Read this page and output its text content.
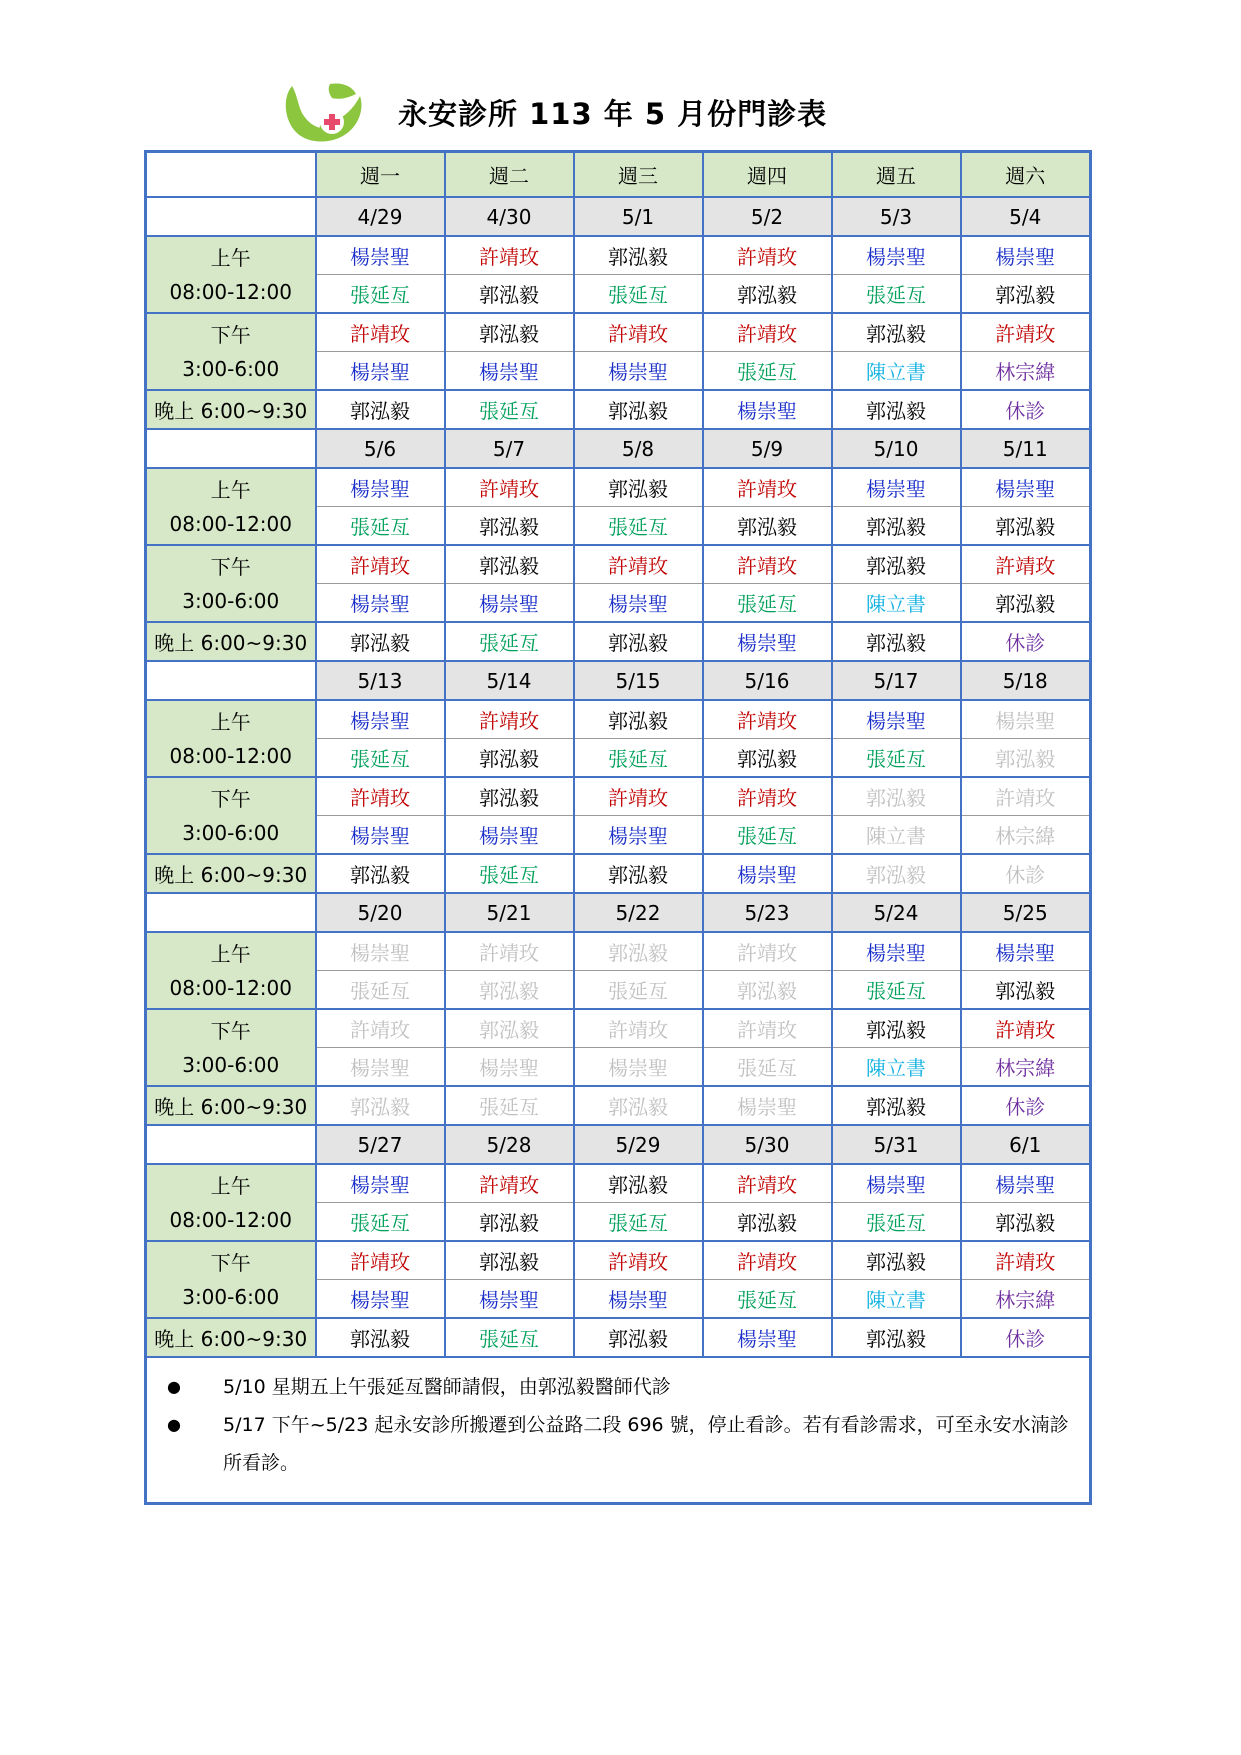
永安診所 113 年 5 月份門診表
	週一	週二	週三	週四	週五	週六
	4/29	4/30	5/1	5/2	5/3	5/4

上午
08:00-12:00	楊崇聖	許靖玫	郭泓毅	許靖玫	楊崇聖	楊崇聖
	張延亙	郭泓毅	張延亙	郭泓毅	張延亙	郭泓毅

下午
3:00-6:00	許靖玫	郭泓毅	許靖玫	許靖玫	郭泓毅	許靖玫
	楊崇聖	楊崇聖	楊崇聖	張延亙	陳立書	林宗緯
晚上 6:00~9:30	郭泓毅	張延亙	郭泓毅	楊崇聖	郭泓毅	休診
	5/6	5/7	5/8	5/9	5/10	5/11

上午
08:00-12:00	楊崇聖	許靖玫	郭泓毅	許靖玫	楊崇聖	楊崇聖
	張延亙	郭泓毅	張延亙	郭泓毅	郭泓毅	郭泓毅

下午
3:00-6:00	許靖玫	郭泓毅	許靖玫	許靖玫	郭泓毅	許靖玫
	楊崇聖	楊崇聖	楊崇聖	張延亙	陳立書	郭泓毅
晚上 6:00~9:30	郭泓毅	張延亙	郭泓毅	楊崇聖	郭泓毅	休診
	5/13	5/14	5/15	5/16	5/17	5/18

上午
08:00-12:00	楊崇聖	許靖玫	郭泓毅	許靖玫	楊崇聖	楊崇聖
	張延亙	郭泓毅	張延亙	郭泓毅	張延亙	郭泓毅

下午
3:00-6:00	許靖玫	郭泓毅	許靖玫	許靖玫	郭泓毅	許靖玫
	楊崇聖	楊崇聖	楊崇聖	張延亙	陳立書	林宗緯
晚上 6:00~9:30	郭泓毅	張延亙	郭泓毅	楊崇聖	郭泓毅	休診
	5/20	5/21	5/22	5/23	5/24	5/25

上午
08:00-12:00	楊崇聖	許靖玫	郭泓毅	許靖玫	楊崇聖	楊崇聖
	張延亙	郭泓毅	張延亙	郭泓毅	張延亙	郭泓毅

下午
3:00-6:00	許靖玫	郭泓毅	許靖玫	許靖玫	郭泓毅	許靖玫
	楊崇聖	楊崇聖	楊崇聖	張延亙	陳立書	林宗緯
晚上 6:00~9:30	郭泓毅	張延亙	郭泓毅	楊崇聖	郭泓毅	休診
	5/27	5/28	5/29	5/30	5/31	6/1

上午
08:00-12:00	楊崇聖	許靖玫	郭泓毅	許靖玫	楊崇聖	楊崇聖
	張延亙	郭泓毅	張延亙	郭泓毅	張延亙	郭泓毅

下午
3:00-6:00	許靖玫	郭泓毅	許靖玫	許靖玫	郭泓毅	許靖玫
	楊崇聖	楊崇聖	楊崇聖	張延亙	陳立書	林宗緯
晚上 6:00~9:30	郭泓毅	張延亙	郭泓毅	楊崇聖	郭泓毅	休診

● 5/10 星期五上午張延亙醫師請假，由郭泓毅醫師代診
● 5/17 下午~5/23 起永安診所搬遷到公益路二段 696 號，停止看診。若有看診需求，可至永安水湳診所看診。						
